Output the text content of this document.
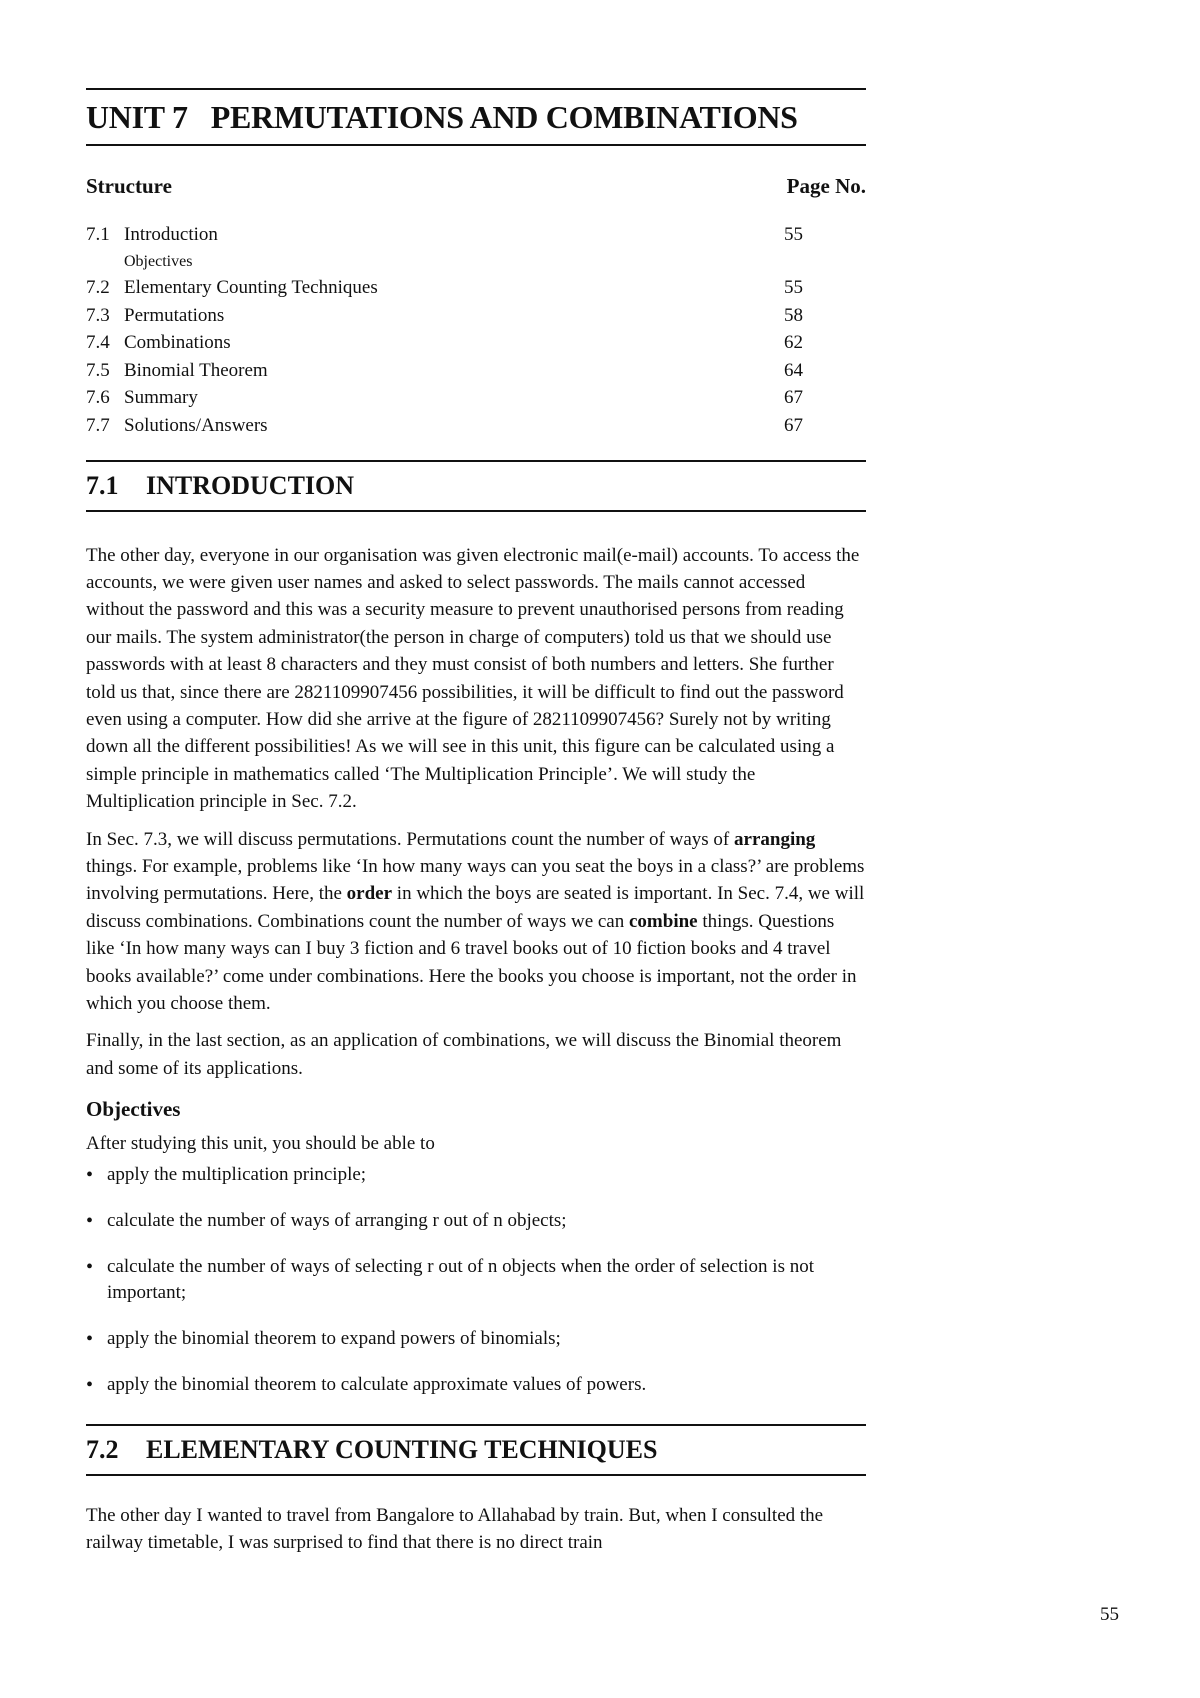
UNIT 7   PERMUTATIONS AND COMBINATIONS
Structure	Page No.
7.1 Introduction	55
Objectives
7.2 Elementary Counting Techniques	55
7.3 Permutations	58
7.4 Combinations	62
7.5 Binomial Theorem	64
7.6 Summary	67
7.7 Solutions/Answers	67
7.1 INTRODUCTION

The other day, everyone in our organisation was given electronic mail(e-mail) accounts. To access the accounts, we were given user names and asked to select passwords. The mails cannot accessed without the password and this was a security measure to prevent unauthorised persons from reading our mails. The system administrator(the person in charge of computers) told us that we should use passwords with at least 8 characters and they must consist of both numbers and letters. She further told us that, since there are 2821109907456 possibilities, it will be difficult to find out the password even using a computer. How did she arrive at the figure of 2821109907456? Surely not by writing down all the different possibilities! As we will see in this unit, this figure can be calculated using a simple principle in mathematics called ‘The Multiplication Principle’. We will study the Multiplication principle in Sec. 7.2.

In Sec. 7.3, we will discuss permutations. Permutations count the number of ways of arranging things. For example, problems like ‘In how many ways can you seat the boys in a class?’ are problems involving permutations. Here, the order in which the boys are seated is important. In Sec. 7.4, we will discuss combinations. Combinations count the number of ways we can combine things. Questions like ‘In how many ways can I buy 3 fiction and 6 travel books out of 10 fiction books and 4 travel books available?’ come under combinations. Here the books you choose is important, not the order in which you choose them.

Finally, in the last section, as an application of combinations, we will discuss the Binomial theorem and some of its applications.

Objectives

After studying this unit, you should be able to

• apply the multiplication principle;
• calculate the number of ways of arranging r out of n objects;
• calculate the number of ways of selecting r out of n objects when the order of selection is not important;
• apply the binomial theorem to expand powers of binomials;
• apply the binomial theorem to calculate approximate values of powers.
7.2 ELEMENTARY COUNTING TECHNIQUES

The other day I wanted to travel from Bangalore to Allahabad by train. But, when I consulted the railway timetable, I was surprised to find that there is no direct train

55
